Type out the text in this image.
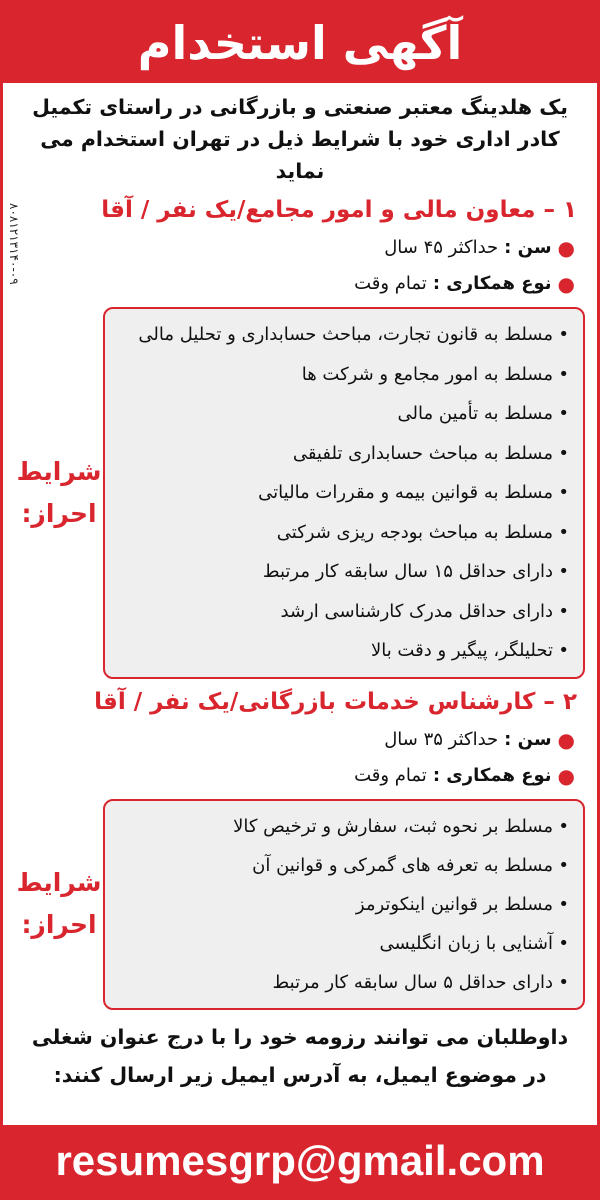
آگهی استخدام
یک هلدینگ معتبر صنعتی و بازرگانی در راستای تکمیل
کادر اداری خود با شرایط ذیل در تهران استخدام می نماید
۸۰۸۱۲۱۳۱۴۰-۰۹	۱ – معاون مالی و امور مجامع/یک نفر / آقا
●
سن :
حداکثر ۴۵ سال
●
نوع همکاری :
تمام وقت
• مسلط به قانون تجارت، مباحث حسابداری و تحلیل مالی
• مسلط به امور مجامع و شرکت ها
• مسلط به تأمین مالی
• مسلط به مباحث حسابداری تلفیقی
• مسلط به قوانین بیمه و مقررات مالیاتی
• مسلط به مباحث بودجه ریزی شرکتی
• دارای حداقل ۱۵ سال سابقه کار مرتبط
• دارای حداقل مدرک کارشناسی ارشد
• تحلیلگر، پیگیر و دقت بالا
شرایط
احراز:
۲ – کارشناس خدمات بازرگانی/یک نفر / آقا
●
سن :
حداکثر ۳۵ سال
●
نوع همکاری :
تمام وقت
• مسلط بر نحوه ثبت، سفارش و ترخیص کالا
• مسلط به تعرفه های گمرکی و قوانین آن
• مسلط بر قوانین اینکوترمز
• آشنایی با زبان انگلیسی
• دارای حداقل ۵ سال سابقه کار مرتبط
شرایط
احراز:
داوطلبان می توانند رزومه خود را با درج عنوان شغلی
در موضوع ایمیل، به آدرس ایمیل زیر ارسال کنند:
resumesgrp@gmail.com
